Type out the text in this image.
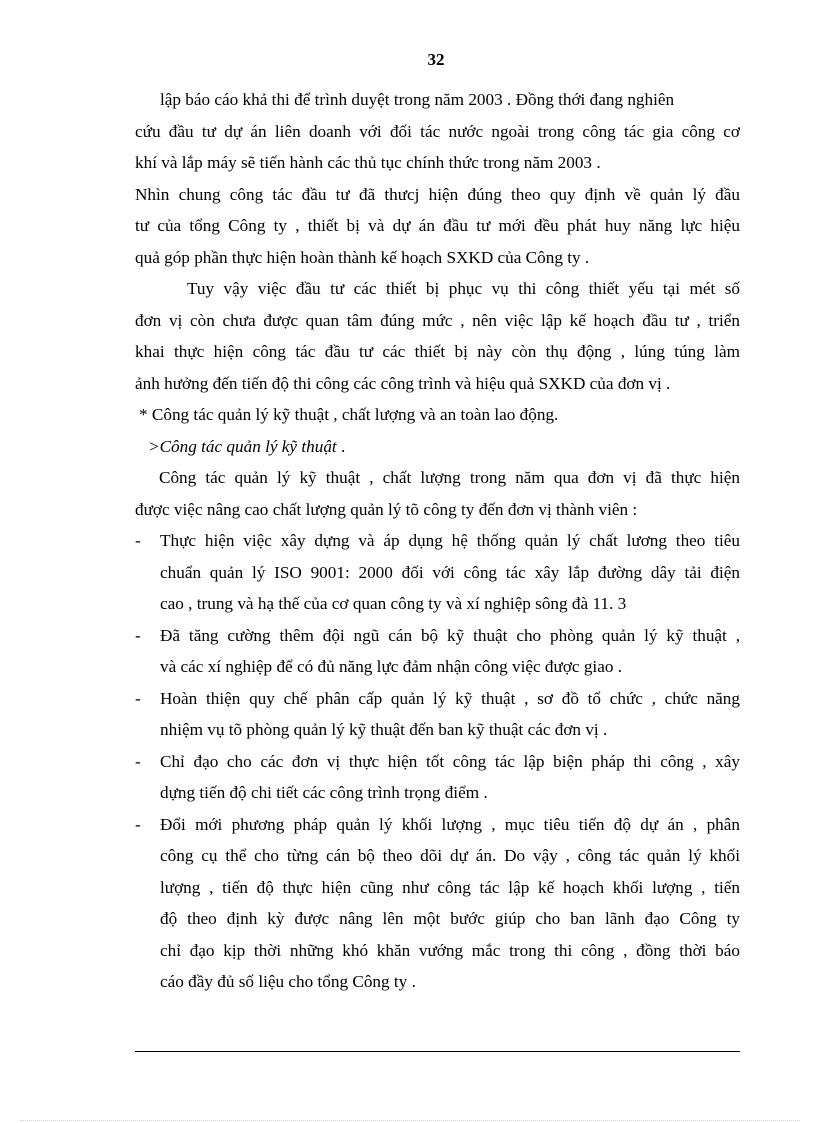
32
lập báo cáo khả thi để trình duyệt trong năm 2003 . Đồng thới đang nghiên
cứu đầu tư dự án liên doanh với đối tác nước ngoài trong công tác gia công cơ
khí và lắp máy sẽ tiến hành các thủ tục chính thức trong năm 2003 .
Nhìn chung công tác đầu tư đã thưcj hiện đúng theo quy định về quản lý đầu
tư của tổng Công ty , thiết bị và dự án đầu tư mới đều phát huy năng lực hiệu
quả góp phần thực hiện hoàn thành kế hoạch SXKD của Công ty .
Tuy vậy việc đầu tư các thiết bị phục vụ thi công thiết yếu tại mét số
đơn vị còn chưa được quan tâm đúng mức , nên việc lập kế hoạch đầu tư , triển
khai thực hiện công tác đầu tư các thiết bị này còn thụ động , lúng túng làm
ảnh hưởng đến tiến độ thi công các công trình và hiệu quả SXKD của đơn vị .
* Công tác quản lý kỹ thuật , chất lượng và an toàn lao động.
>Công tác quản lý kỹ thuật .
Công tác quản lý kỹ thuật , chất lượng trong năm qua đơn vị đã thực hiện
được việc nâng cao chất lượng quản lý tõ công ty đến đơn vị thành viên :
- Thực hiện việc xây dựng và áp dụng hệ thống quản lý chất lương theo tiêu
chuẩn quản lý ISO 9001: 2000 đối với công tác xây lắp đường dây tải điện
cao , trung và hạ thế của cơ quan công ty và xí nghiệp sông đà 11. 3
- Đã tăng cường thêm đội ngũ cán bộ kỹ thuật cho phòng quản lý kỹ thuật ,
và các xí nghiệp để có đủ năng lực đảm nhận công việc được giao .
- Hoàn thiện quy chế phân cấp quản lý kỹ thuật , sơ đồ tổ chức , chức năng
nhiệm vụ tõ phòng quản lý kỹ thuật đến ban kỹ thuật các đơn vị .
- Chỉ đạo cho các đơn vị thực hiện tốt công tác lập biện pháp thi công , xây
dựng tiến độ chi tiết các công trình trọng điểm .
- Đổi mới phương pháp quản lý khối lượng , mục tiêu tiến độ dự án , phân
công cụ thể cho từng cán bộ theo dõi dự án. Do vậy , công tác quản lý khối
lượng , tiến độ thực hiện cũng như công tác lập kế hoạch khối lượng , tiến
độ theo định kỳ được nâng lên một bước giúp cho ban lãnh đạo Công ty
chỉ đạo kịp thời những khó khăn vướng mắc trong thi công , đồng thời báo
cáo đầy đủ số liệu cho tổng Công ty .
